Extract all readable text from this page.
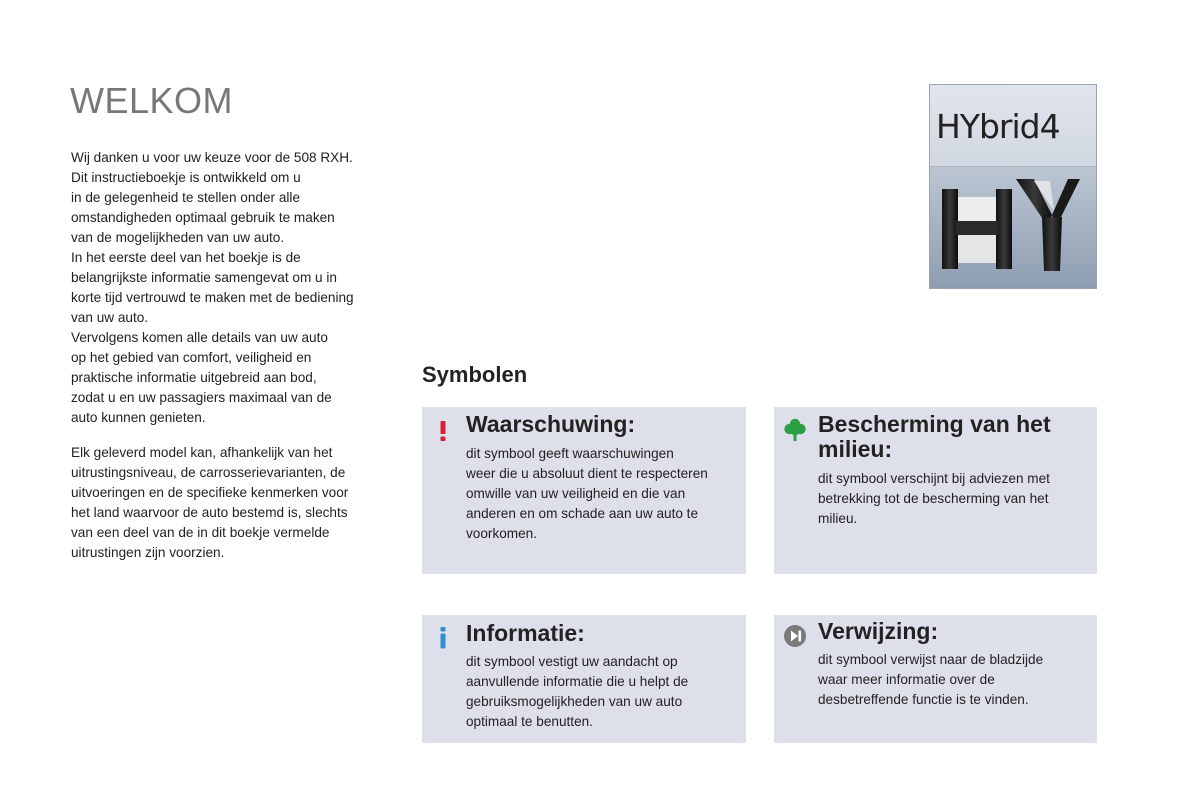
WELKOM

Wij danken u voor uw keuze voor de 508 RXH.
Dit instructieboekje is ontwikkeld om u
in de gelegenheid te stellen onder alle
omstandigheden optimaal gebruik te maken
van de mogelijkheden van uw auto.
In het eerste deel van het boekje is de
belangrijkste informatie samengevat om u in
korte tijd vertrouwd te maken met de bediening
van uw auto.
Vervolgens komen alle details van uw auto
op het gebied van comfort, veiligheid en
praktische informatie uitgebreid aan bod,
zodat u en uw passagiers maximaal van de
auto kunnen genieten.

Elk geleverd model kan, afhankelijk van het
uitrustingsniveau, de carrosserievarianten, de
uitvoeringen en de specifieke kenmerken voor
het land waarvoor de auto bestemd is, slechts
van een deel van de in dit boekje vermelde
uitrustingen zijn voorzien.

HYbrid4
Symbolen
Waarschuwing:

dit symbool geeft waarschuwingen
weer die u absoluut dient te respecteren
omwille van uw veiligheid en die van
anderen en om schade aan uw auto te
voorkomen.

Bescherming van het milieu:

dit symbool verschijnt bij adviezen met
betrekking tot de bescherming van het
milieu.

Informatie:

dit symbool vestigt uw aandacht op
aanvullende informatie die u helpt de
gebruiksmogelijkheden van uw auto
optimaal te benutten.

Verwijzing:

dit symbool verwijst naar de bladzijde
waar meer informatie over de
desbetreffende functie is te vinden.
